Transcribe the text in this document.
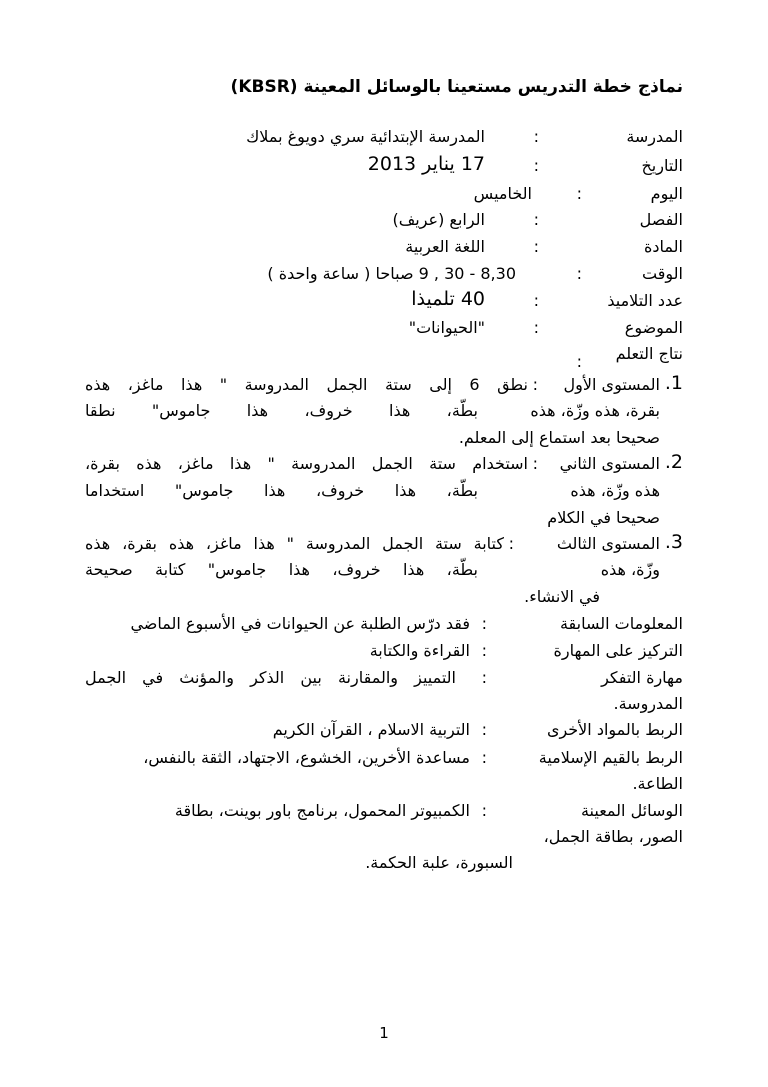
نماذج خطة التدريس مستعينا بالوسائل المعينة (KBSR)
المدرسة
:
المدرسة الإبتدائية سري دويوغ بملاك
التاريخ
:
17 يناير 2013
اليوم
:
الخاميس
الفصل
:
الرابع (عريف)
المادة
:
اللغة العربية
الوقت
:
8,30 - 30 , 9 صباحا ( ساعة واحدة )
عدد التلاميذ
:
40 تلميذا
الموضوع
:
"الحيوانات"
نتاج التعلم
:
1.
المستوى الأول
:
نطق 6 إلى ستة الجمل المدروسة " هذا ماغز، هذه
بقرة، هذه وزّة، هذه
بطّة، هذا خروف، هذا جاموس" نطقا
صحيحا بعد استماع إلى المعلم.
2.
المستوى الثاني
:
استخدام ستة الجمل المدروسة " هذا ماغز، هذه بقرة،
هذه وزّة، هذه
بطّة، هذا خروف، هذا جاموس" استخداما
صحيحا في الكلام
3.
المستوى الثالث
:
كتابة ستة الجمل المدروسة " هذا ماغز، هذه بقرة، هذه
وزّة، هذه
بطّة، هذا خروف، هذا جاموس" كتابة صحيحة
في الانشاء.
المعلومات السابقة
:
فقد درّس الطلبة عن الحيوانات في الأسبوع الماضي
التركيز على المهارة
:
القراءة والكتابة
مهارة التفكر
:
التمييز والمقارنة بين الذكر والمؤنث في الجمل
المدروسة.
الربط بالمواد الأخرى
:
التربية الاسلام ، القرآن الكريم
الربط بالقيم الإسلامية
:
مساعدة الأخرين، الخشوع، الاجتهاد، الثقة بالنفس،
الطاعة.
الوسائل المعينة
:
الكمبيوتر المحمول، برنامج باور بوينت، بطاقة
الصور، بطاقة الجمل،
السبورة، علبة الحكمة.
1
